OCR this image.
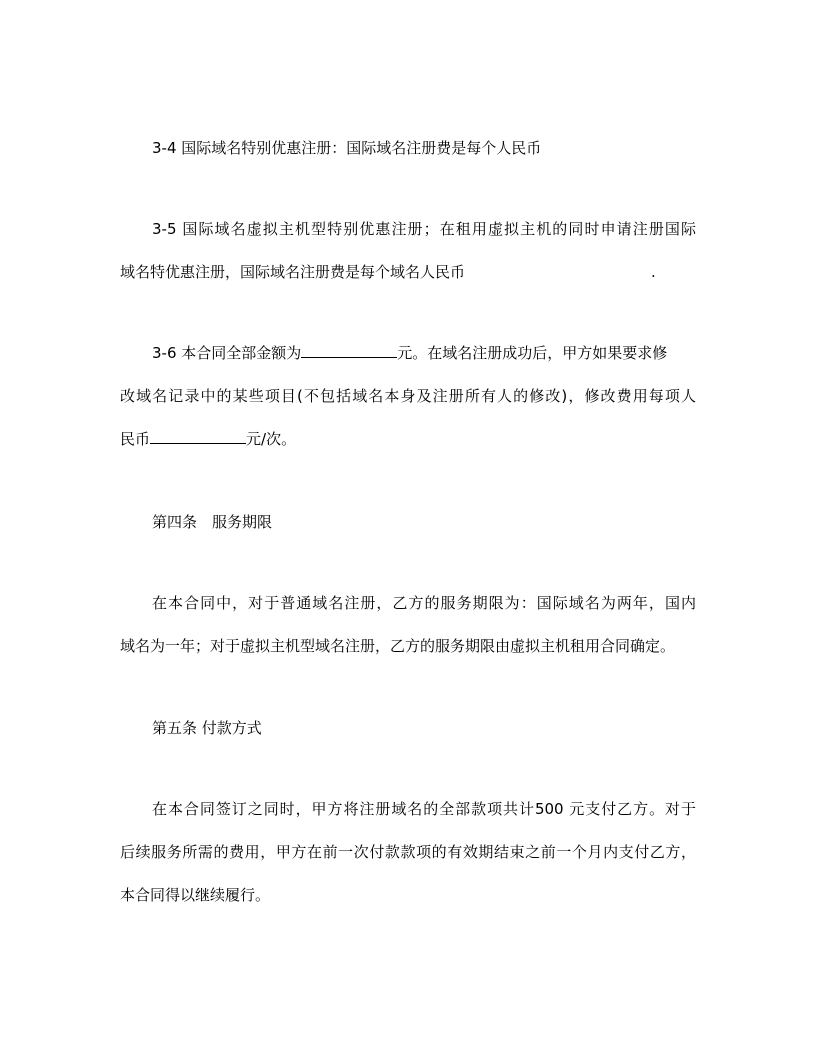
3-4 国际域名特别优惠注册：国际域名注册费是每个人民币
3-5 国际域名虚拟主机型特别优惠注册；在租用虚拟主机的同时申请注册国际
域名特优惠注册，国际域名注册费是每个域名人民币	.
3-6 本合同全部金额为	元。在域名注册成功后，甲方如果要求修
改域名记录中的某些项目(不包括域名本身及注册所有人的修改)，修改费用每项人
民币	元/次。
第四条　服务期限
在本合同中，对于普通域名注册，乙方的服务期限为：国际域名为两年，国内
域名为一年；对于虚拟主机型域名注册，乙方的服务期限由虚拟主机租用合同确定。
第五条 付款方式
在本合同签订之同时，甲方将注册域名的全部款项共计500 元支付乙方。对于
后续服务所需的费用，甲方在前一次付款款项的有效期结束之前一个月内支付乙方，
本合同得以继续履行。
